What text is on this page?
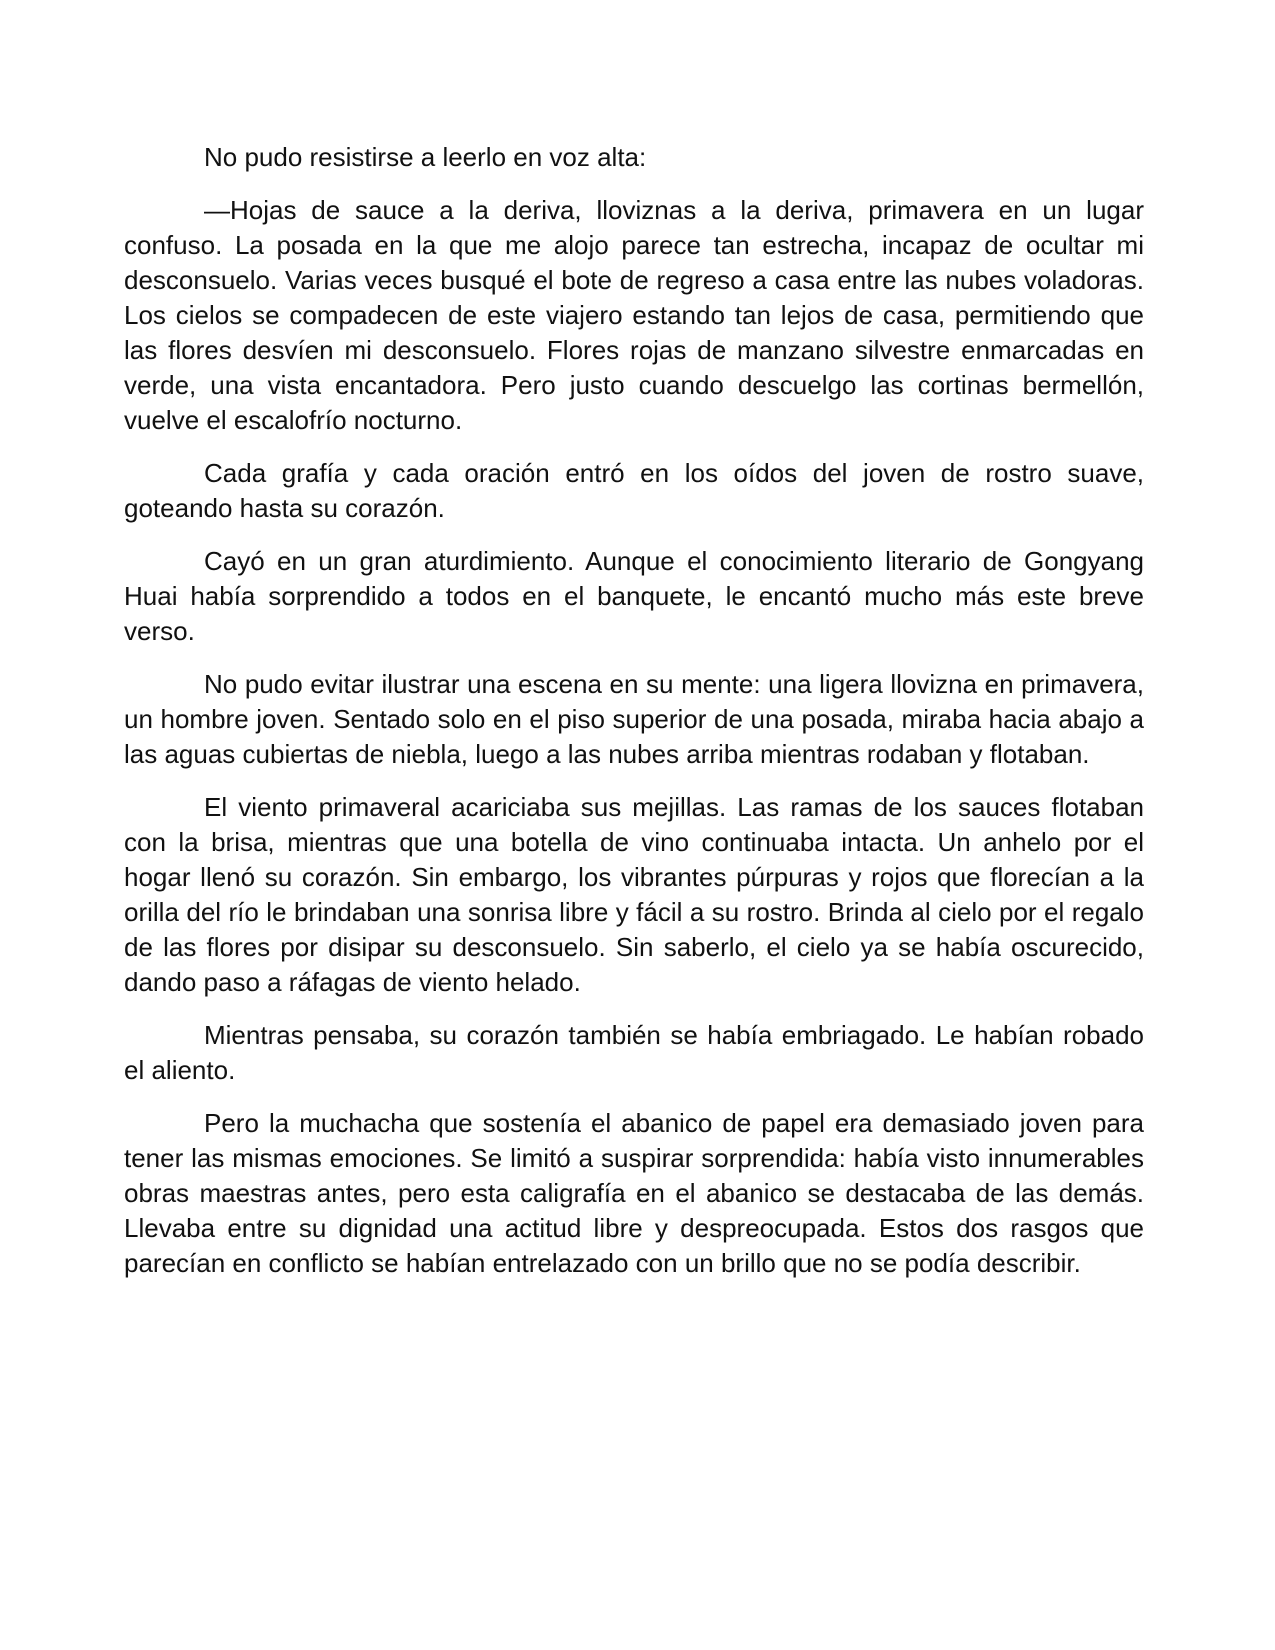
No pudo resistirse a leerlo en voz alta:

—Hojas de sauce a la deriva, lloviznas a la deriva, primavera en un lugar confuso. La posada en la que me alojo parece tan estrecha, incapaz de ocultar mi desconsuelo. Varias veces busqué el bote de regreso a casa entre las nubes voladoras. Los cielos se compadecen de este viajero estando tan lejos de casa, permitiendo que las flores desvíen mi desconsuelo. Flores rojas de manzano silvestre enmarcadas en verde, una vista encantadora. Pero justo cuando descuelgo las cortinas bermellón, vuelve el escalofrío nocturno.

Cada grafía y cada oración entró en los oídos del joven de rostro suave, goteando hasta su corazón.

Cayó en un gran aturdimiento. Aunque el conocimiento literario de Gongyang Huai había sorprendido a todos en el banquete, le encantó mucho más este breve verso.

No pudo evitar ilustrar una escena en su mente: una ligera llovizna en primavera, un hombre joven. Sentado solo en el piso superior de una posada, miraba hacia abajo a las aguas cubiertas de niebla, luego a las nubes arriba mientras rodaban y flotaban.

El viento primaveral acariciaba sus mejillas. Las ramas de los sauces flotaban con la brisa, mientras que una botella de vino continuaba intacta. Un anhelo por el hogar llenó su corazón. Sin embargo, los vibrantes púrpuras y rojos que florecían a la orilla del río le brindaban una sonrisa libre y fácil a su rostro. Brinda al cielo por el regalo de las flores por disipar su desconsuelo. Sin saberlo, el cielo ya se había oscurecido, dando paso a ráfagas de viento helado.

Mientras pensaba, su corazón también se había embriagado. Le habían robado el aliento.

Pero la muchacha que sostenía el abanico de papel era demasiado joven para tener las mismas emociones. Se limitó a suspirar sorprendida: había visto innumerables obras maestras antes, pero esta caligrafía en el abanico se destacaba de las demás. Llevaba entre su dignidad una actitud libre y despreocupada. Estos dos rasgos que parecían en conflicto se habían entrelazado con un brillo que no se podía describir.
